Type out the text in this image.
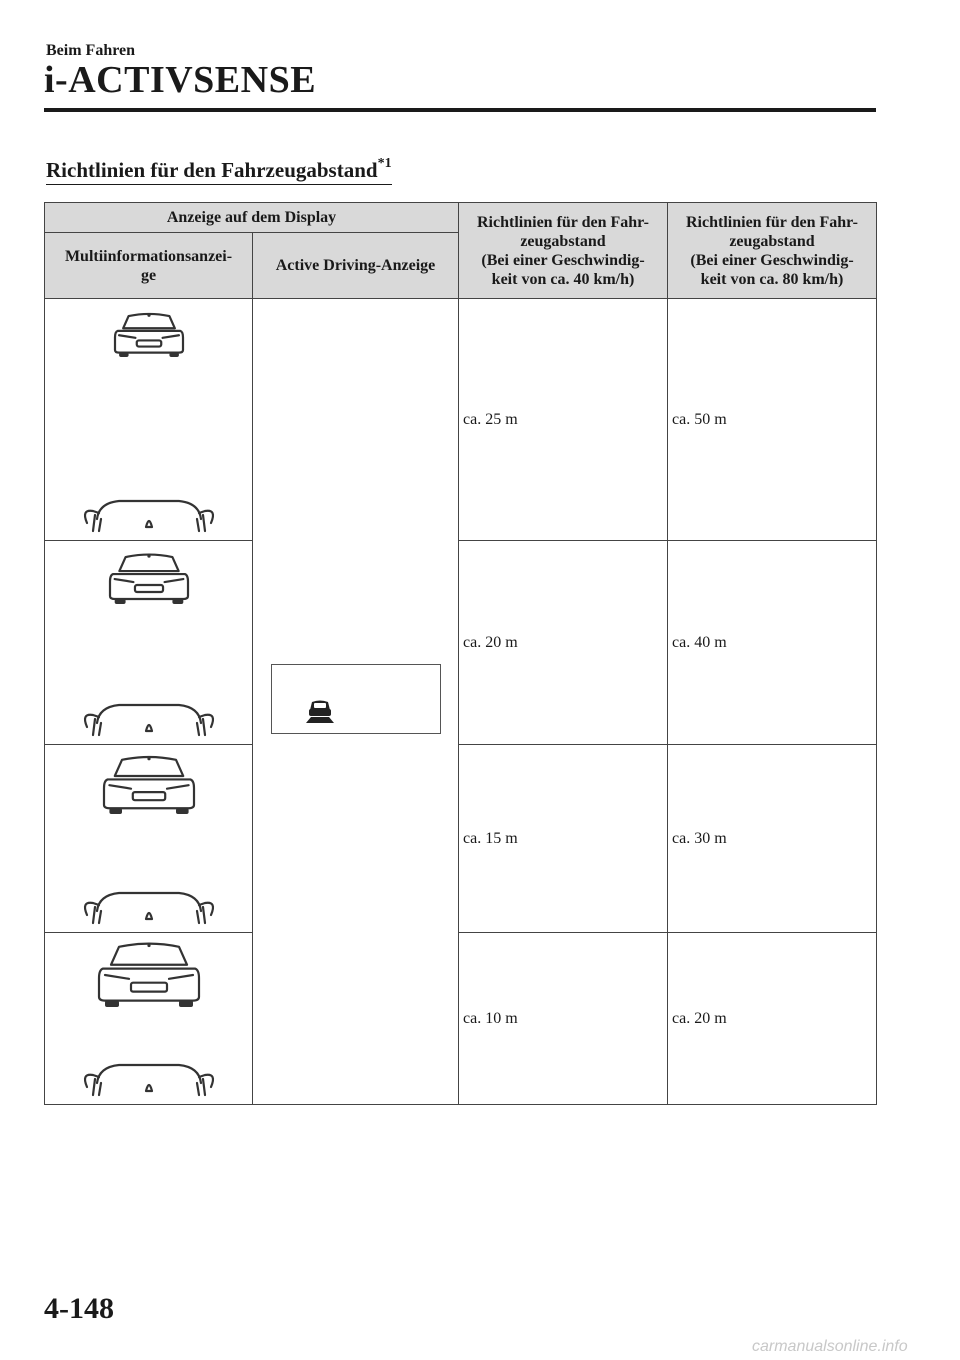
Beim Fahren
i-ACTIVSENSE
Richtlinien für den Fahrzeugabstand$^{*1}$
Anzeige auf dem Display		Richtlinien für den Fahr-
zeugabstand
(Bei einer Geschwindig-
keit von ca. 40 km/h)	Richtlinien für den Fahr-
zeugabstand
(Bei einer Geschwindig-
keit von ca. 80 km/h)
Multiinformationsanzei-
ge	Active Driving-Anzeige		

	ca. 25 m	ca. 50 m
	ca. 20 m	ca. 40 m
	ca. 15 m	ca. 30 m
	ca. 10 m	ca. 20 m
4-148
carmanualsonline.info
